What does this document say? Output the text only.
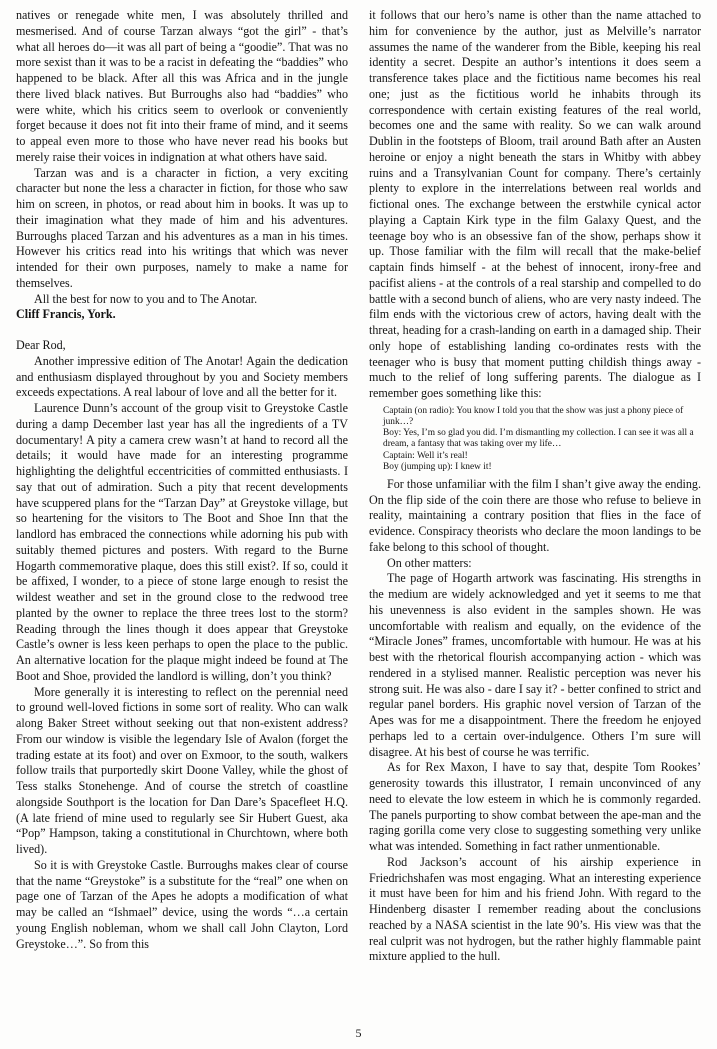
natives or renegade white men, I was absolutely thrilled and mesmerised. And of course Tarzan always “got the girl” - that’s what all heroes do—it was all part of being a “goodie”. That was no more sexist than it was to be a racist in defeating the “baddies” who happened to be black. After all this was Africa and in the jungle there lived black natives. But Burroughs also had “baddies” who were white, which his critics seem to overlook or conveniently forget because it does not fit into their frame of mind, and it seems to appeal even more to those who have never read his books but merely raise their voices in indignation at what others have said.

Tarzan was and is a character in fiction, a very exciting character but none the less a character in fiction, for those who saw him on screen, in photos, or read about him in books. It was up to their imagination what they made of him and his adventures. Burroughs placed Tarzan and his adventures as a man in his times. However his critics read into his writings that which was never intended for their own purposes, namely to make a name for themselves.

All the best for now to you and to The Anotar.

Cliff Francis, York.

Dear Rod,

Another impressive edition of The Anotar! Again the dedication and enthusiasm displayed throughout by you and Society members exceeds expectations. A real labour of love and all the better for it.

Laurence Dunn’s account of the group visit to Greystoke Castle during a damp December last year has all the ingredients of a TV documentary! A pity a camera crew wasn’t at hand to record all the details; it would have made for an interesting programme highlighting the delightful eccentricities of committed enthusiasts. I say that out of admiration. Such a pity that recent developments have scuppered plans for the “Tarzan Day” at Greystoke village, but so heartening for the visitors to The Boot and Shoe Inn that the landlord has embraced the connections while adorning his pub with suitably themed pictures and posters. With regard to the Burne Hogarth commemorative plaque, does this still exist?. If so, could it be affixed, I wonder, to a piece of stone large enough to resist the wildest weather and set in the ground close to the redwood tree planted by the owner to replace the three trees lost to the storm? Reading through the lines though it does appear that Greystoke Castle’s owner is less keen perhaps to open the place to the public. An alternative location for the plaque might indeed be found at The Boot and Shoe, provided the landlord is willing, don’t you think?

More generally it is interesting to reflect on the perennial need to ground well-loved fictions in some sort of reality. Who can walk along Baker Street without seeking out that non-existent address? From our window is visible the legendary Isle of Avalon (forget the trading estate at its foot) and over on Exmoor, to the south, walkers follow trails that purportedly skirt Doone Valley, while the ghost of Tess stalks Stonehenge. And of course the stretch of coastline alongside Southport is the location for Dan Dare’s Spacefleet H.Q. (A late friend of mine used to regularly see Sir Hubert Guest, aka “Pop” Hampson, taking a constitutional in Churchtown, where both lived).

So it is with Greystoke Castle. Burroughs makes clear of course that the name “Greystoke” is a substitute for the “real” one when on page one of Tarzan of the Apes he adopts a modification of what may be called an “Ishmael” device, using the words “…a certain young English nobleman, whom we shall call John Clayton, Lord Greystoke…”. So from this

it follows that our hero’s name is other than the name attached to him for convenience by the author, just as Melville’s narrator assumes the name of the wanderer from the Bible, keeping his real identity a secret. Despite an author’s intentions it does seem a transference takes place and the fictitious name becomes his real one; just as the fictitious world he inhabits through its correspondence with certain existing features of the real world, becomes one and the same with reality. So we can walk around Dublin in the footsteps of Bloom, trail around Bath after an Austen heroine or enjoy a night beneath the stars in Whitby with abbey ruins and a Transylvanian Count for company. There’s certainly plenty to explore in the interrelations between real worlds and fictional ones. The exchange between the erstwhile cynical actor playing a Captain Kirk type in the film Galaxy Quest, and the teenage boy who is an obsessive fan of the show, perhaps show it up. Those familiar with the film will recall that the make-belief captain finds himself - at the behest of innocent, irony-free and pacifist aliens - at the controls of a real starship and compelled to do battle with a second bunch of aliens, who are very nasty indeed. The film ends with the victorious crew of actors, having dealt with the threat, heading for a crash-landing on earth in a damaged ship. Their only hope of establishing landing co-ordinates rests with the teenager who is busy that moment putting childish things away - much to the relief of long suffering parents. The dialogue as I remember goes something like this:

Captain (on radio): You know I told you that the show was just a phony piece of junk…?
Boy: Yes, I’m so glad you did. I’m dismantling my collection. I can see it was all a dream, a fantasy that was taking over my life…
Captain: Well it’s real!
Boy (jumping up): I knew it!

For those unfamiliar with the film I shan’t give away the ending. On the flip side of the coin there are those who refuse to believe in reality, maintaining a contrary position that flies in the face of evidence. Conspiracy theorists who declare the moon landings to be fake belong to this school of thought.

On other matters:

The page of Hogarth artwork was fascinating. His strengths in the medium are widely acknowledged and yet it seems to me that his unevenness is also evident in the samples shown. He was uncomfortable with realism and equally, on the evidence of the “Miracle Jones” frames, uncomfortable with humour. He was at his best with the rhetorical flourish accompanying action - which was rendered in a stylised manner. Realistic perception was never his strong suit. He was also - dare I say it? - better confined to strict and regular panel borders. His graphic novel version of Tarzan of the Apes was for me a disappointment. There the freedom he enjoyed perhaps led to a certain over-indulgence. Others I’m sure will disagree. At his best of course he was terrific.

As for Rex Maxon, I have to say that, despite Tom Rookes’ generosity towards this illustrator, I remain unconvinced of any need to elevate the low esteem in which he is commonly regarded. The panels purporting to show combat between the ape-man and the raging gorilla come very close to suggesting something very unlike what was intended. Something in fact rather unmentionable.

Rod Jackson’s account of his airship experience in Friedrichshafen was most engaging. What an interesting experience it must have been for him and his friend John. With regard to the Hindenberg disaster I remember reading about the conclusions reached by a NASA scientist in the late 90’s. His view was that the real culprit was not hydrogen, but the rather highly flammable paint mixture applied to the hull.

5
